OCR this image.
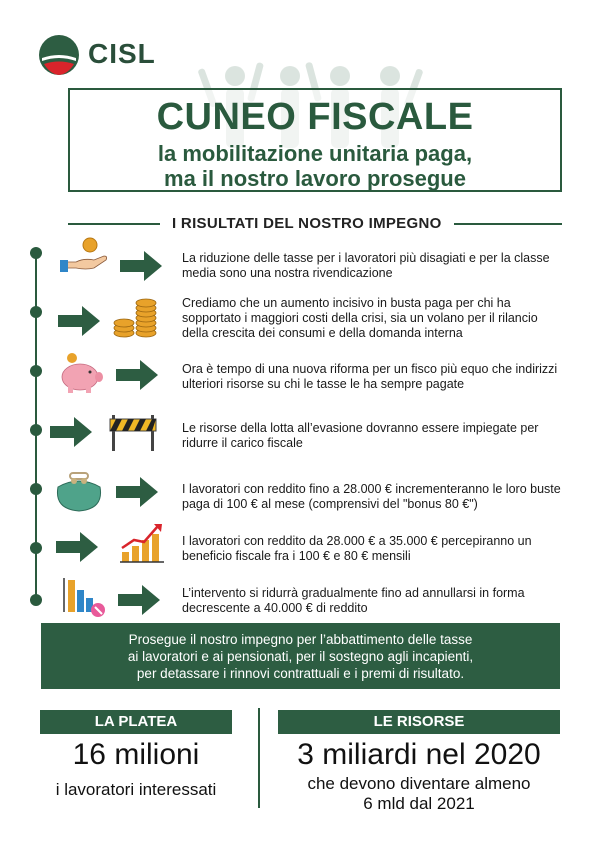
CISL
CUNEO FISCALE
la mobilitazione unitaria paga,
ma il nostro lavoro prosegue
I RISULTATI DEL NOSTRO IMPEGNO
La riduzione delle tasse per i lavoratori più disagiati e per la classe media sono una nostra rivendicazione
Crediamo che un aumento incisivo in busta paga per chi ha sopportato i maggiori costi della crisi, sia un volano per il rilancio della crescita dei consumi e della domanda interna
Ora è tempo di una nuova riforma per un fisco più equo che indirizzi ulteriori risorse su chi le tasse le ha sempre pagate
Le risorse della lotta all’evasione dovranno essere impiegate per ridurre il carico fiscale
I lavoratori con reddito fino a 28.000 € incrementeranno le loro buste paga di 100 € al mese (comprensivi del "bonus 80 €")
I lavoratori con reddito da 28.000 € a 35.000 € percepiranno un beneficio fiscale fra i 100 € e 80 € mensili
L’intervento si ridurrà gradualmente fino ad annullarsi in forma decrescente a 40.000 € di reddito
Prosegue il nostro impegno per l’abbattimento delle tasse
ai lavoratori e ai pensionati, per il sostegno agli incapienti,
per detassare i rinnovi contrattuali e i premi di risultato.
LA PLATEA	LE RISORSE
16 milioni
i lavoratori interessati
3 miliardi nel 2020
che devono diventare almeno
6 mld dal 2021
